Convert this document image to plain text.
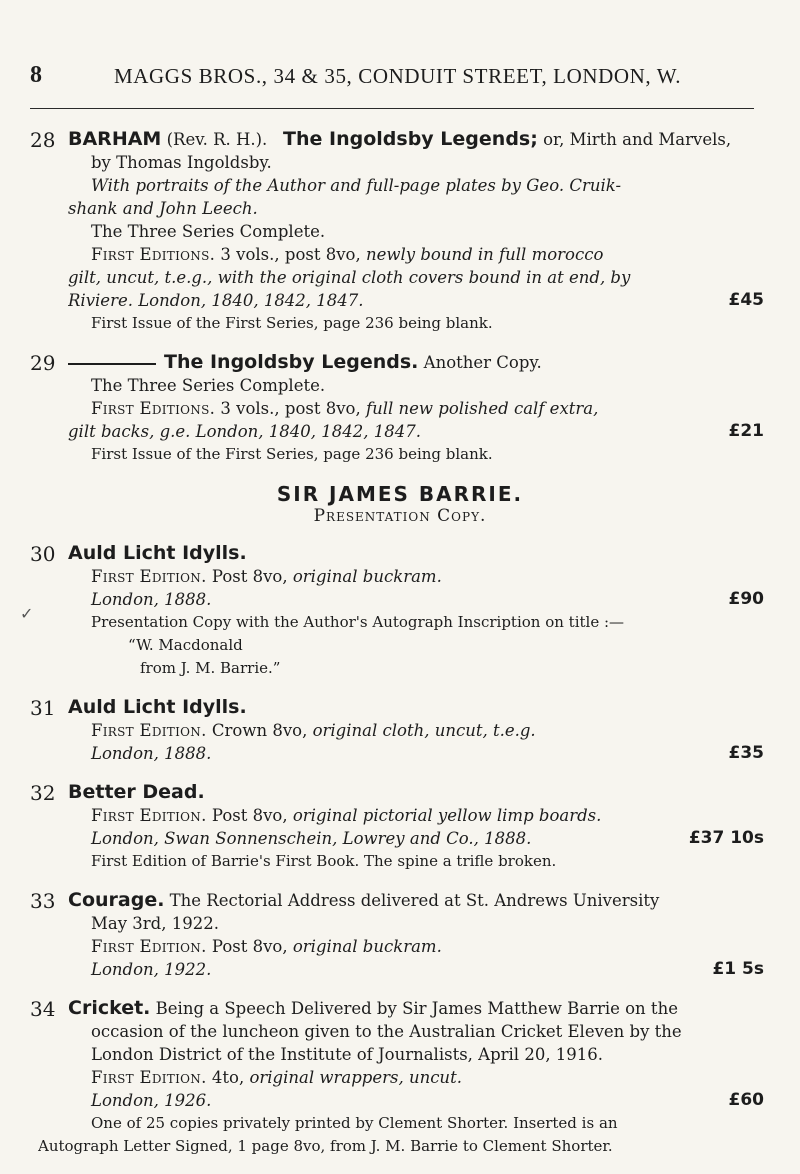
8	MAGGS BROS., 34 & 35, CONDUIT STREET, LONDON, W.
✓
28 BARHAM (Rev. R. H.). The Ingoldsby Legends; or, Mirth and Marvels,
by Thomas Ingoldsby.
With portraits of the Author and full-page plates by Geo. Cruik-
shank and John Leech.
The Three Series Complete.
First Editions. 3 vols., post 8vo, newly bound in full morocco
gilt, uncut, t.e.g., with the original cloth covers bound in at end, by
Riviere. London, 1840, 1842, 1847.	£45
First Issue of the First Series, page 236 being blank.
29	The Ingoldsby Legends. Another Copy.
The Three Series Complete.
First Editions. 3 vols., post 8vo, full new polished calf extra,
gilt backs, g.e. London, 1840, 1842, 1847.	£21
First Issue of the First Series, page 236 being blank.
SIR JAMES BARRIE.
Presentation Copy.
30 Auld Licht Idylls.
First Edition. Post 8vo, original buckram.
London, 1888.	£90
Presentation Copy with the Author's Autograph Inscription on title :—
“W. Macdonald
from J. M. Barrie.”
31 Auld Licht Idylls.
First Edition. Crown 8vo, original cloth, uncut, t.e.g.
London, 1888.	£35
32 Better Dead.
First Edition. Post 8vo, original pictorial yellow limp boards.
London, Swan Sonnenschein, Lowrey and Co., 1888.	£37 10s
First Edition of Barrie's First Book. The spine a trifle broken.
33 Courage. The Rectorial Address delivered at St. Andrews University
May 3rd, 1922.
First Edition. Post 8vo, original buckram.
London, 1922.	£1 5s
34 Cricket. Being a Speech Delivered by Sir James Matthew Barrie on the
occasion of the luncheon given to the Australian Cricket Eleven by the
London District of the Institute of Journalists, April 20, 1916.
First Edition. 4to, original wrappers, uncut.
London, 1926.	£60
One of 25 copies privately printed by Clement Shorter. Inserted is an
Autograph Letter Signed, 1 page 8vo, from J. M. Barrie to Clement Shorter.
